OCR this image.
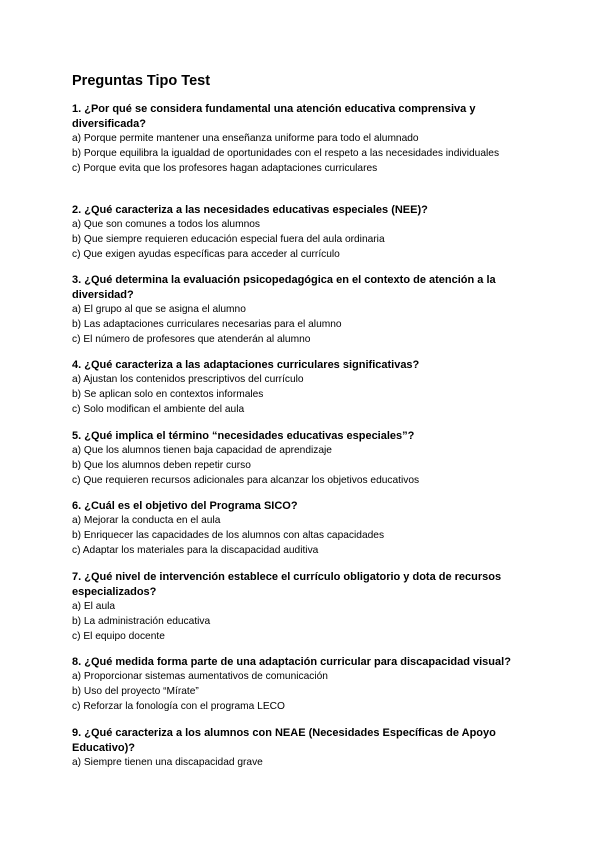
Preguntas Tipo Test
1. ¿Por qué se considera fundamental una atención educativa comprensiva y diversificada?
a) Porque permite mantener una enseñanza uniforme para todo el alumnado
b) Porque equilibra la igualdad de oportunidades con el respeto a las necesidades individuales
c) Porque evita que los profesores hagan adaptaciones curriculares
2. ¿Qué caracteriza a las necesidades educativas especiales (NEE)?
a) Que son comunes a todos los alumnos
b) Que siempre requieren educación especial fuera del aula ordinaria
c) Que exigen ayudas específicas para acceder al currículo
3. ¿Qué determina la evaluación psicopedagógica en el contexto de atención a la diversidad?
a) El grupo al que se asigna el alumno
b) Las adaptaciones curriculares necesarias para el alumno
c) El número de profesores que atenderán al alumno
4. ¿Qué caracteriza a las adaptaciones curriculares significativas?
a) Ajustan los contenidos prescriptivos del currículo
b) Se aplican solo en contextos informales
c) Solo modifican el ambiente del aula
5. ¿Qué implica el término “necesidades educativas especiales”?
a) Que los alumnos tienen baja capacidad de aprendizaje
b) Que los alumnos deben repetir curso
c) Que requieren recursos adicionales para alcanzar los objetivos educativos
6. ¿Cuál es el objetivo del Programa SICO?
a) Mejorar la conducta en el aula
b) Enriquecer las capacidades de los alumnos con altas capacidades
c) Adaptar los materiales para la discapacidad auditiva
7. ¿Qué nivel de intervención establece el currículo obligatorio y dota de recursos especializados?
a) El aula
b) La administración educativa
c) El equipo docente
8. ¿Qué medida forma parte de una adaptación curricular para discapacidad visual?
a) Proporcionar sistemas aumentativos de comunicación
b) Uso del proyecto “Mírate”
c) Reforzar la fonología con el programa LECO
9. ¿Qué caracteriza a los alumnos con NEAE (Necesidades Específicas de Apoyo Educativo)?
a) Siempre tienen una discapacidad grave
